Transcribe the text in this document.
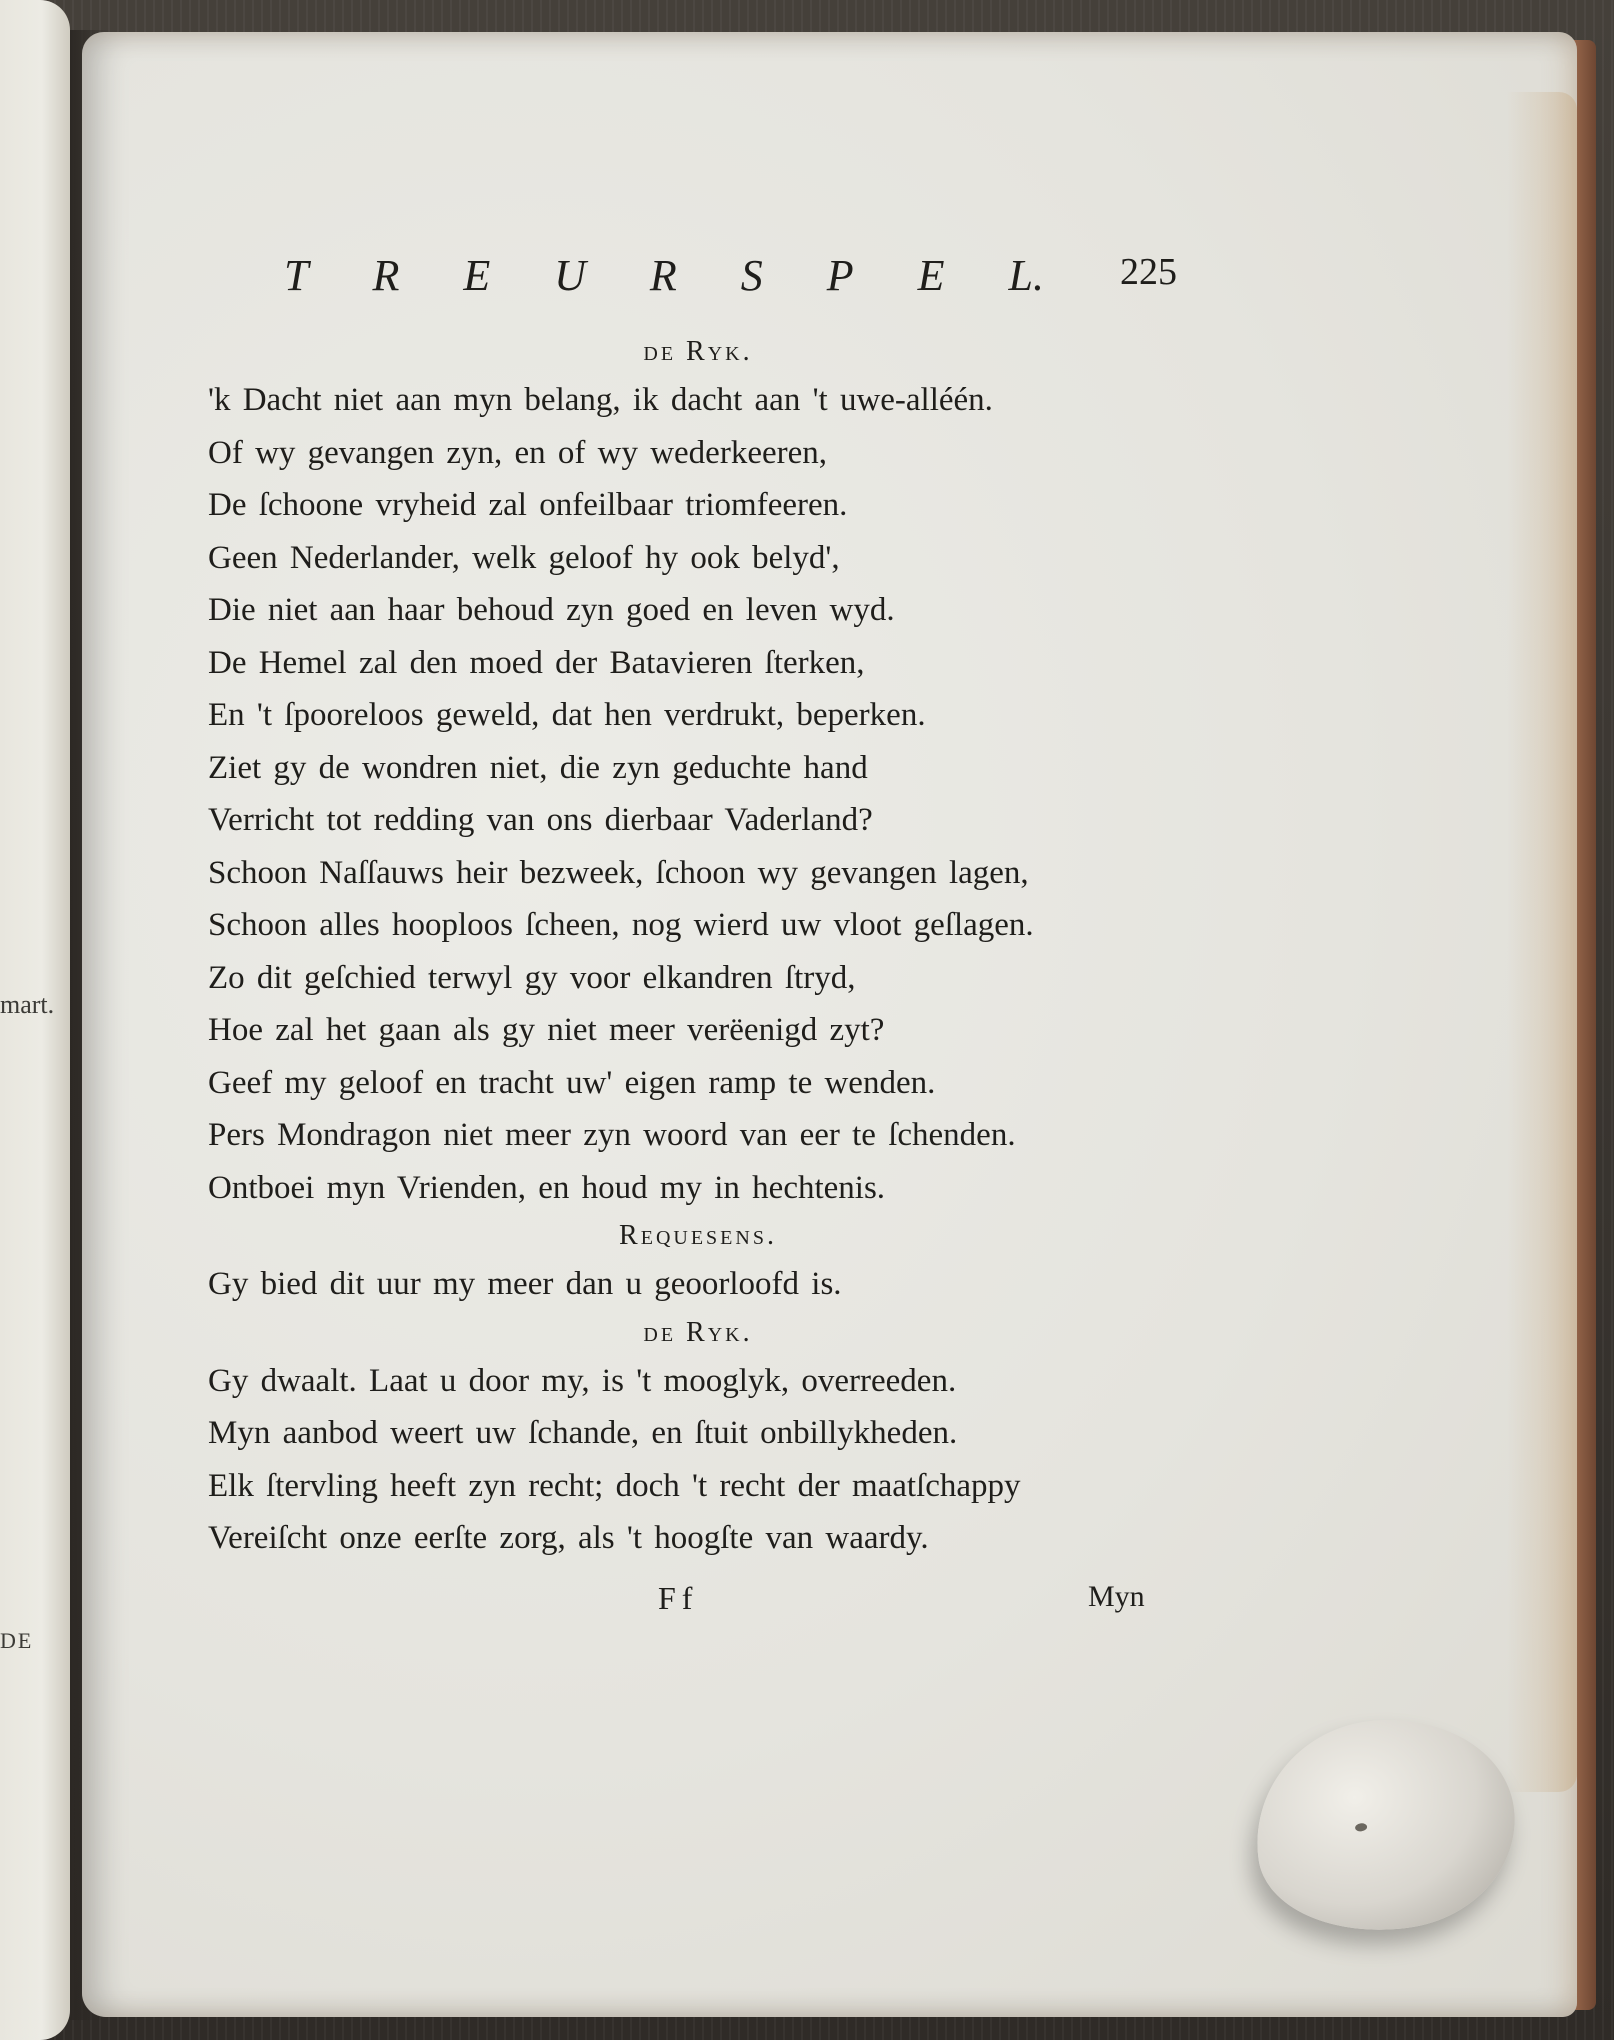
mart.
DE
T R E U R S P E L. 225
de Ryk.
'k Dacht niet aan myn belang, ik dacht aan 't uwe-alléén.
Of wy gevangen zyn, en of wy wederkeeren,
De ſchoone vryheid zal onfeilbaar triomfeeren.
Geen Nederlander, welk geloof hy ook belyd',
Die niet aan haar behoud zyn goed en leven wyd.
De Hemel zal den moed der Batavieren ſterken,
En 't ſpooreloos geweld, dat hen verdrukt, beperken.
Ziet gy de wondren niet, die zyn geduchte hand
Verricht tot redding van ons dierbaar Vaderland?
Schoon Naſſauws heir bezweek, ſchoon wy gevangen lagen,
Schoon alles hooploos ſcheen, nog wierd uw vloot geſlagen.
Zo dit geſchied terwyl gy voor elkandren ſtryd,
Hoe zal het gaan als gy niet meer verëenigd zyt?
Geef my geloof en tracht uw' eigen ramp te wenden.
Pers Mondragon niet meer zyn woord van eer te ſchenden.
Ontboei myn Vrienden, en houd my in hechtenis.
Requesens.
Gy bied dit uur my meer dan u geoorloofd is.
de Ryk.
Gy dwaalt. Laat u door my, is 't mooglyk, overreeden.
Myn aanbod weert uw ſchande, en ſtuit onbillykheden.
Elk ſtervling heeft zyn recht; doch 't recht der maatſchappy
Vereiſcht onze eerſte zorg, als 't hoogſte van waardy.
Ff	Myn
